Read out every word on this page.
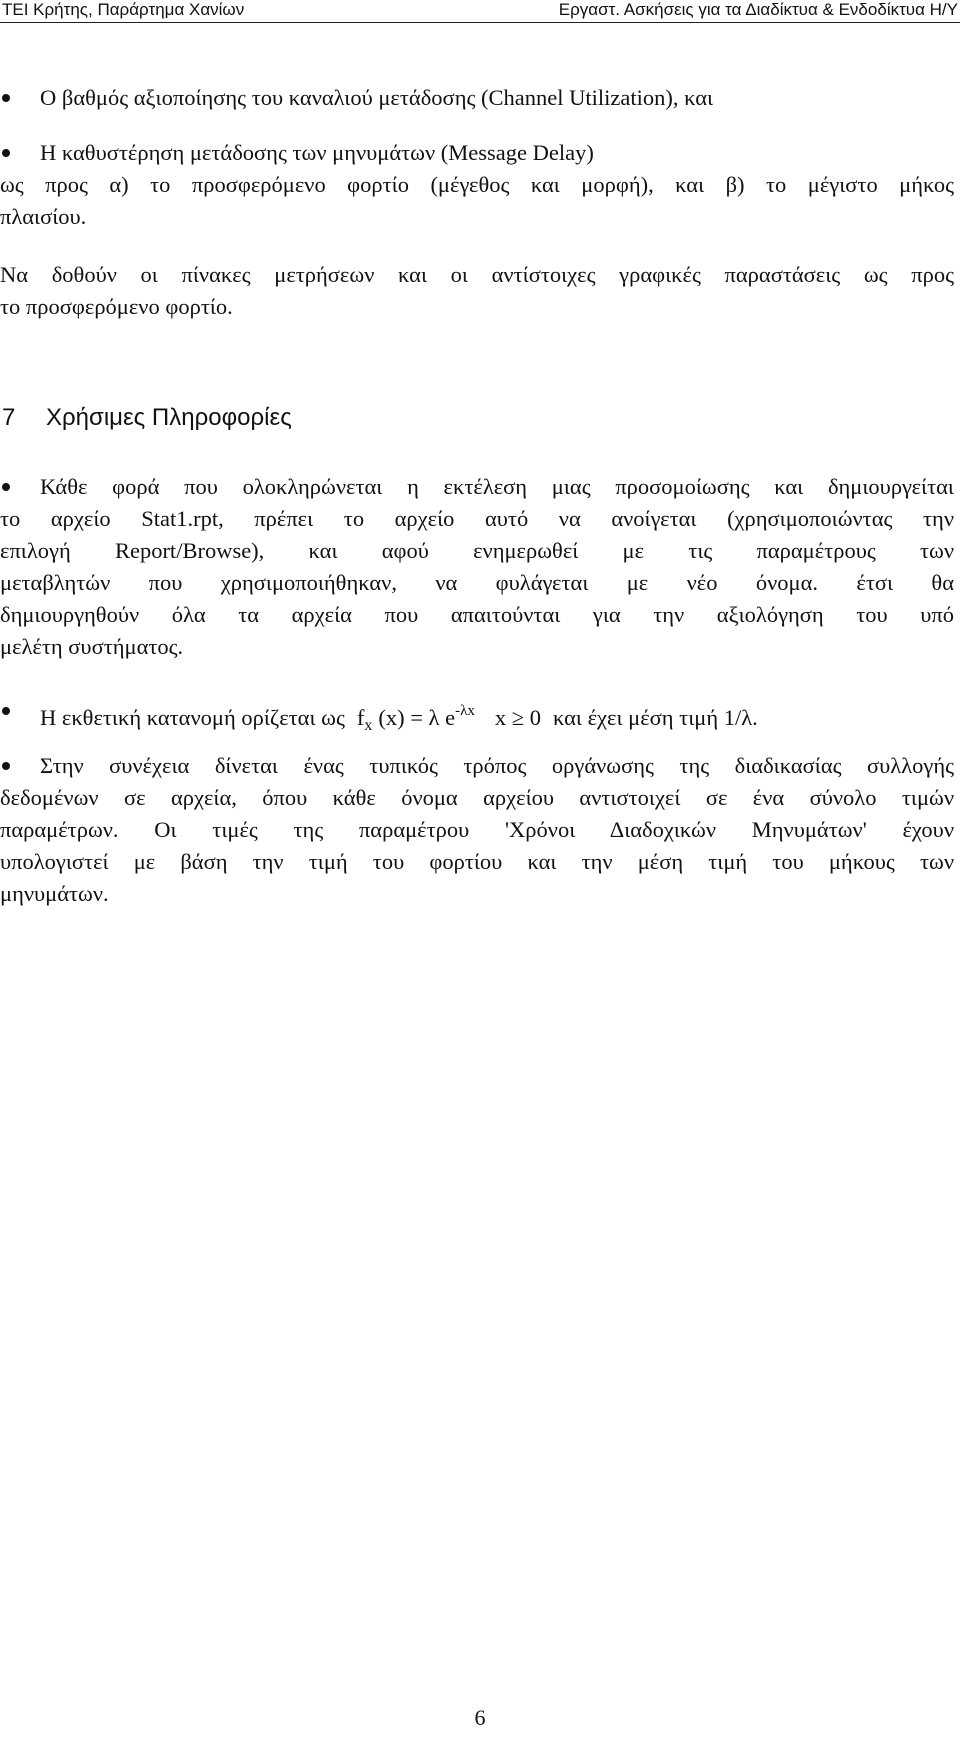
ΤΕΙ Κρήτης, Παράρτημα Χανίων	Εργαστ. Ασκήσεις για τα Διαδίκτυα & Ενδοδίκτυα Η/Υ
Ο βαθμός αξιοποίησης του καναλιού μετάδοσης (Channel Utilization), και
Η καθυστέρηση μετάδοσης των μηνυμάτων (Message Delay)
ως προς α) το προσφερόμενο φορτίο (μέγεθος και μορφή), και β) το μέγιστο μήκος
πλαισίου.
Να δοθούν οι πίνακες μετρήσεων και οι αντίστοιχες γραφικές παραστάσεις ως προς
το προσφερόμενο φορτίο.
7 Χρήσιμες Πληροφορίες
Κάθε φορά που ολοκληρώνεται η εκτέλεση μιας προσομοίωσης και δημιουργείται
το αρχείο Stat1.rpt, πρέπει το αρχείο αυτό να ανοίγεται (χρησιμοποιώντας την
επιλογή Report/Browse), και αφού ενημερωθεί με τις παραμέτρους των
μεταβλητών που χρησιμοποιήθηκαν, να φυλάγεται με νέο όνομα. έτσι θα
δημιουργηθούν όλα τα αρχεία που απαιτούνται για την αξιολόγηση του υπό
μελέτη συστήματος.
Η εκθετική κατανομή ορίζεται ως $f_x$ (x) = λ $e^{-\lambda x}$ x ≥ 0 και έχει μέση τιμή 1/λ.
Στην συνέχεια δίνεται ένας τυπικός τρόπος οργάνωσης της διαδικασίας συλλογής
δεδομένων σε αρχεία, όπου κάθε όνομα αρχείου αντιστοιχεί σε ένα σύνολο τιμών
παραμέτρων. Οι τιμές της παραμέτρου 'Χρόνοι Διαδοχικών Μηνυμάτων' έχουν
υπολογιστεί με βάση την τιμή του φορτίου και την μέση τιμή του μήκους των
μηνυμάτων.
6
